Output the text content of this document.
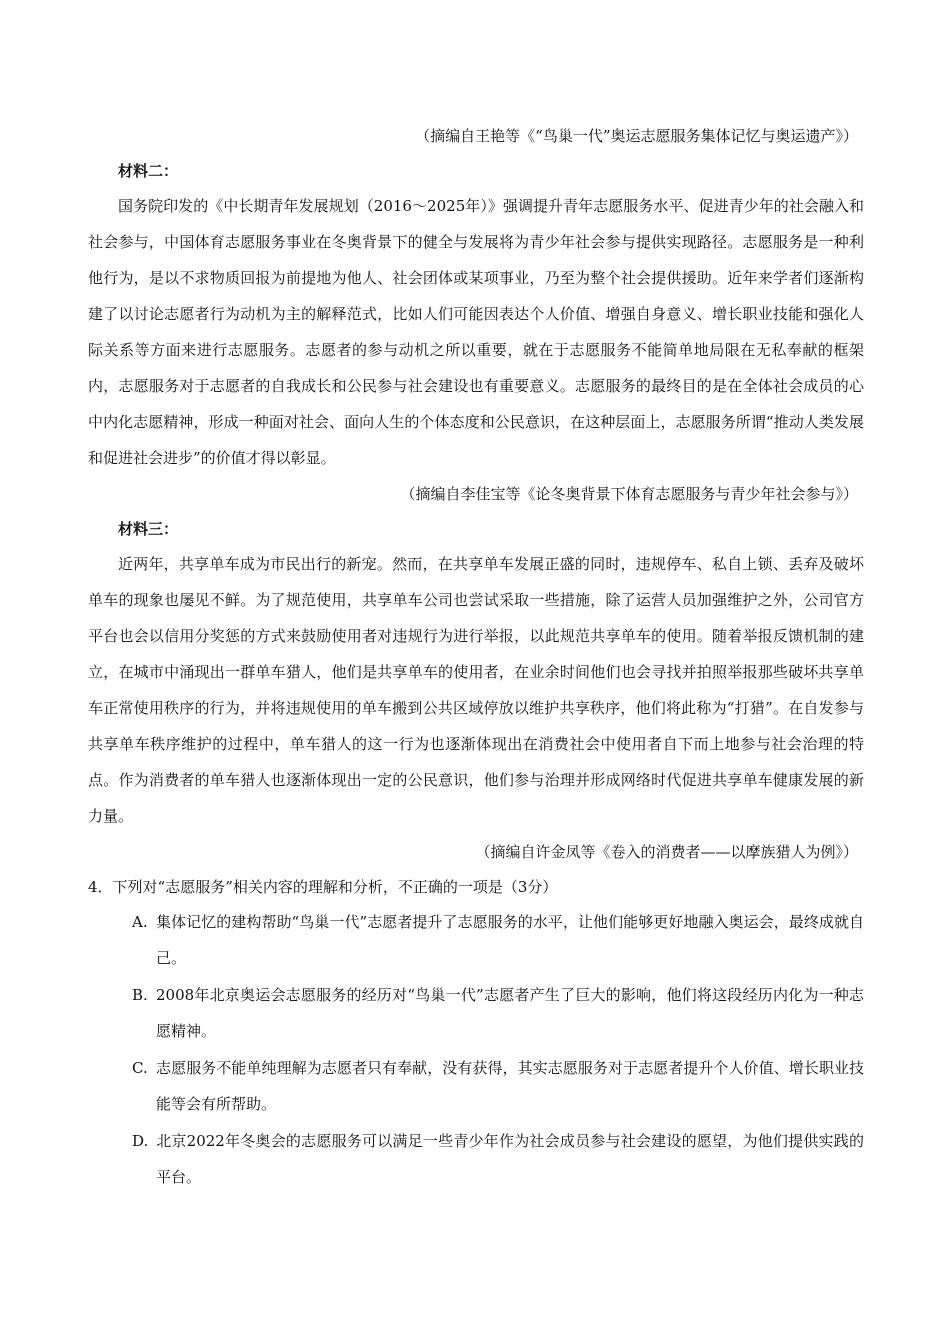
（摘编自王艳等《“鸟巢一代”奥运志愿服务集体记忆与奥运遗产》）
材料二：

国务院印发的《中长期青年发展规划（2016～2025年）》强调提升青年志愿服务水平、促进青少年的社会融入和社会参与，中国体育志愿服务事业在冬奥背景下的健全与发展将为青少年社会参与提供实现路径。志愿服务是一种利他行为，是以不求物质回报为前提地为他人、社会团体或某项事业，乃至为整个社会提供援助。近年来学者们逐渐构建了以讨论志愿者行为动机为主的解释范式，比如人们可能因表达个人价值、增强自身意义、增长职业技能和强化人际关系等方面来进行志愿服务。志愿者的参与动机之所以重要，就在于志愿服务不能简单地局限在无私奉献的框架内，志愿服务对于志愿者的自我成长和公民参与社会建设也有重要意义。志愿服务的最终目的是在全体社会成员的心中内化志愿精神，形成一种面对社会、面向人生的个体态度和公民意识，在这种层面上，志愿服务所谓“推动人类发展和促进社会进步”的价值才得以彰显。

（摘编自李佳宝等《论冬奥背景下体育志愿服务与青少年社会参与》）
材料三：

近两年，共享单车成为市民出行的新宠。然而，在共享单车发展正盛的同时，违规停车、私自上锁、丢弃及破坏单车的现象也屡见不鲜。为了规范使用，共享单车公司也尝试采取一些措施，除了运营人员加强维护之外，公司官方平台也会以信用分奖惩的方式来鼓励使用者对违规行为进行举报，以此规范共享单车的使用。随着举报反馈机制的建立，在城市中涌现出一群单车猎人，他们是共享单车的使用者，在业余时间他们也会寻找并拍照举报那些破坏共享单车正常使用秩序的行为，并将违规使用的单车搬到公共区域停放以维护共享秩序，他们将此称为“打猎”。在自发参与共享单车秩序维护的过程中，单车猎人的这一行为也逐渐体现出在消费社会中使用者自下而上地参与社会治理的特点。作为消费者的单车猎人也逐渐体现出一定的公民意识，他们参与治理并形成网络时代促进共享单车健康发展的新力量。

（摘编自许金凤等《卷入的消费者——以摩族猎人为例》）

4．下列对“志愿服务”相关内容的理解和分析，不正确的一项是（3分）

A. 集体记忆的建构帮助“鸟巢一代”志愿者提升了志愿服务的水平，让他们能够更好地融入奥运会，最终成就自己。

B. 2008年北京奥运会志愿服务的经历对“鸟巢一代”志愿者产生了巨大的影响，他们将这段经历内化为一种志愿精神。

C. 志愿服务不能单纯理解为志愿者只有奉献，没有获得，其实志愿服务对于志愿者提升个人价值、增长职业技能等会有所帮助。

D. 北京2022年冬奥会的志愿服务可以满足一些青少年作为社会成员参与社会建设的愿望，为他们提供实践的平台。
